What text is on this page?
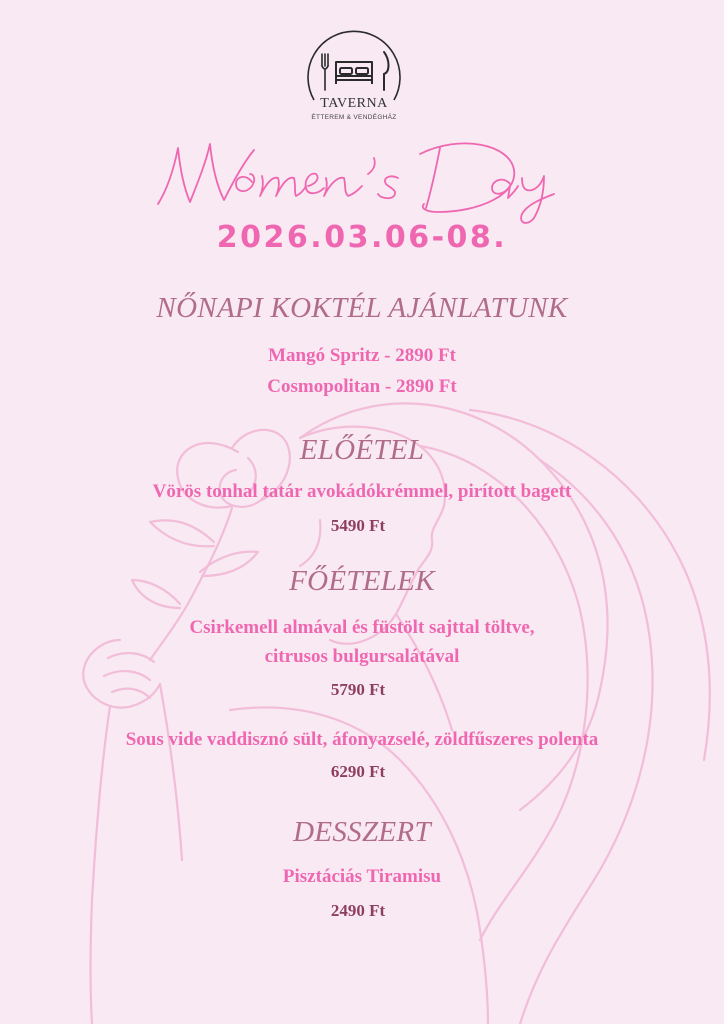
TAVERNA
ÉTTEREM & VENDÉGHÁZ
2026.03.06-08.
NŐNAPI KOKTÉL AJÁNLATUNK
Mangó Spritz - 2890 Ft
Cosmopolitan - 2890 Ft
ELŐÉTEL
Vörös tonhal tatár avokádókrémmel, pirított bagett
5490 Ft
FŐÉTELEK
Csirkemell almával és füstölt sajttal töltve,
citrusos bulgursalátával
5790 Ft
Sous vide vaddisznó sült, áfonyazselé, zöldfűszeres polenta
6290 Ft
DESSZERT
Pisztáciás Tiramisu
2490 Ft
